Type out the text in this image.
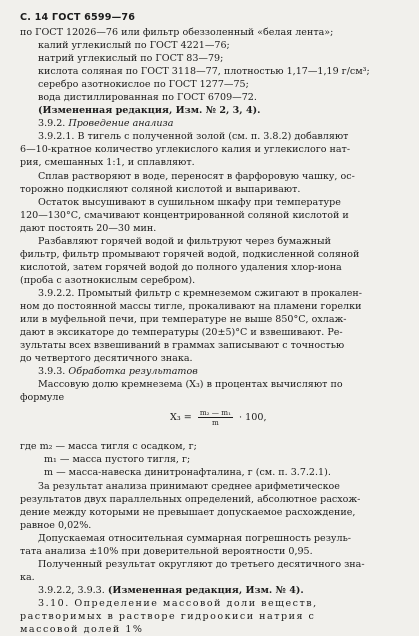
С. 14 ГОСТ 6599—76
по ГОСТ 12026—76 или фильтр обеззоленный «белая лента»;
калий углекислый по ГОСТ 4221—76;
натрий углекислый по ГОСТ 83—79;
кислота соляная по ГОСТ 3118—77, плотностью 1,17—1,19 г/см³;
серебро азотнокислое по ГОСТ 1277—75;
вода дистиллированная по ГОСТ 6709—72.
(Измененная редакция, Изм. № 2, 3, 4).
3.9.2. Проведение анализа
3.9.2.1. В тигель с полученной золой (см. п. 3.8.2) добавляют
6—10-кратное количество углекислого калия и углекислого нат-
рия, смешанных 1:1, и сплавляют.
Сплав растворяют в воде, переносят в фарфоровую чашку, ос-
торожно подкисляют соляной кислотой и выпаривают.
Остаток высушивают в сушильном шкафу при температуре
120—130°С, смачивают концентрированной соляной кислотой и
дают постоять 20—30 мин.
Разбавляют горячей водой и фильтруют через бумажный
фильтр, фильтр промывают горячей водой, подкисленной соляной
кислотой, затем горячей водой до полного удаления хлор-иона
(проба с азотнокислым серебром).
3.9.2.2. Промытый фильтр с кремнеземом сжигают в прокален-
ном до постоянной массы тигле, прокаливают на пламени горелки
или в муфельной печи, при температуре не выше 850°С, охлаж-
дают в эксикаторе до температуры (20±5)°С и взвешивают. Ре-
зультаты всех взвешиваний в граммах записывают с точностью
до четвертого десятичного знака.
3.9.3. Обработка результатов
Массовую долю кремнезема (X₃) в процентах вычисляют по
формуле
$X_3 = \frac{\text{m₂ — m₁}}{m} \cdot 100$,
где m₂ — масса тигля с осадком, г;
m₁ — масса пустого тигля, г;
m — масса-навеска динитронафталина, г (см. п. 3.7.2.1).
За результат анализа принимают среднее арифметическое
результатов двух параллельных определений, абсолютное расхож-
дение между которыми не превышает допускаемое расхождение,
равное 0,02%.
Допускаемая относительная суммарная погрешность резуль-
тата анализа ±10% при доверительной вероятности 0,95.
Полученный результат округляют до третьего десятичного зна-
ка.
3.9.2.2, 3.9.3. (Измененная редакция, Изм. № 4).
3.10. Определение массовой доли веществ,
растворимых в растворе гидроокиси натрия с
массовой долей 1%
